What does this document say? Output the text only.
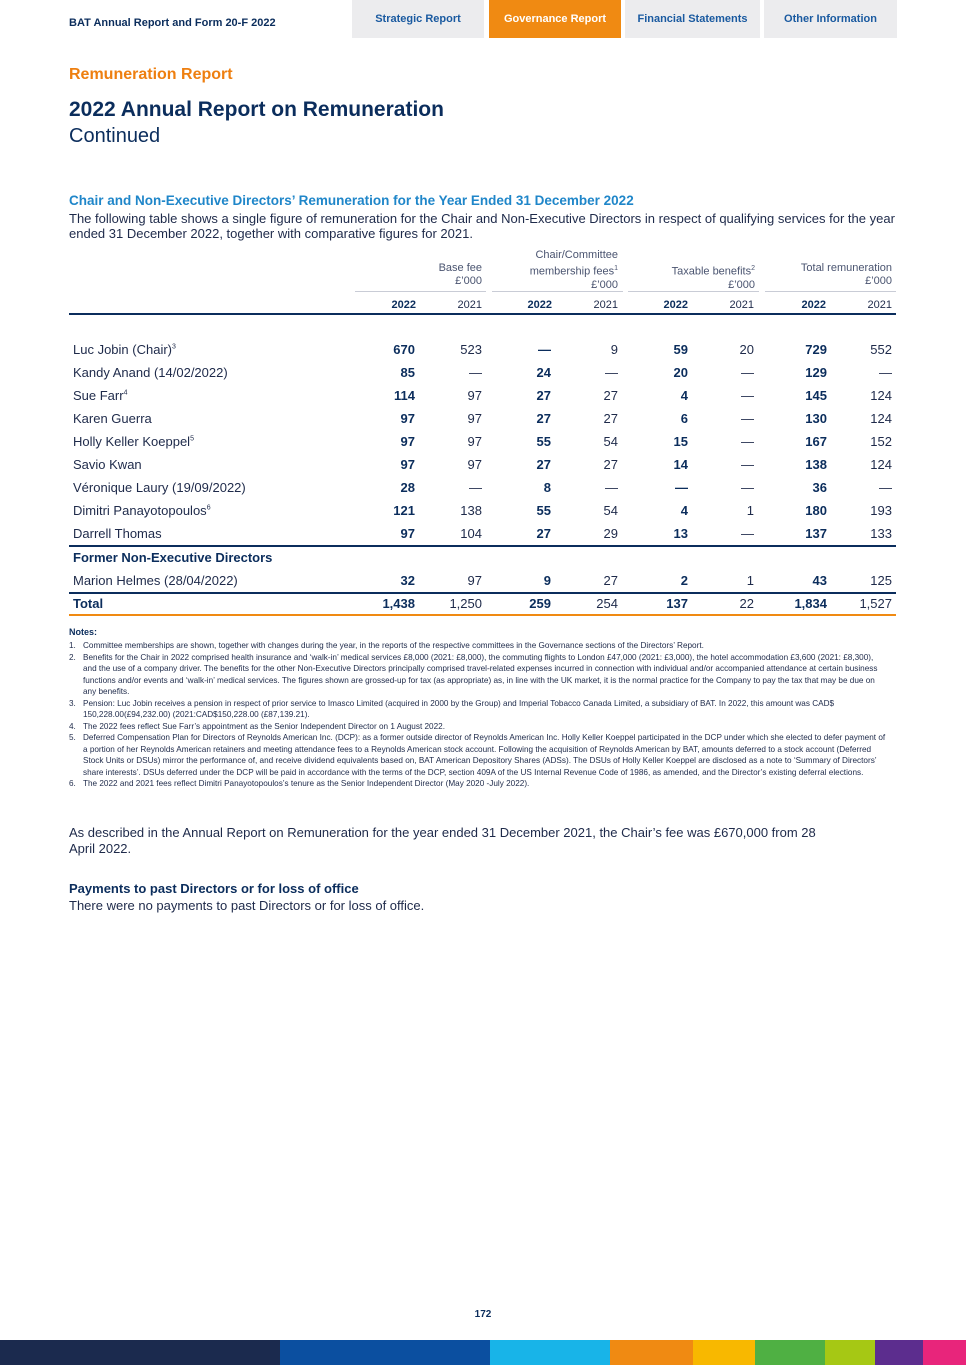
BAT Annual Report and Form 20-F 2022	Strategic Report	Governance Report	Financial Statements	Other Information
Remuneration Report
2022 Annual Report on Remuneration
Continued
Chair and Non-Executive Directors’ Remuneration for the Year Ended 31 December 2022
The following table shows a single figure of remuneration for the Chair and Non-Executive Directors in respect of qualifying services for the year ended 31 December 2022, together with comparative figures for 2021.
Base fee
£’000
Chair/Committee
membership fees$^1$
£’000
Taxable benefits$^2$
£’000
Total remuneration
£’000
2022	2021	2022	2021	2022	2021	2022	2021
Luc Jobin (Chair)$^3$	670	523	—	9	59	20	729	552
Kandy Anand (14/02/2022)	85	—	24	—	20	—	129	—
Sue Farr$^4$	114	97	27	27	4	—	145	124
Karen Guerra	97	97	27	27	6	—	130	124
Holly Keller Koeppel$^5$	97	97	55	54	15	—	167	152
Savio Kwan	97	97	27	27	14	—	138	124
Véronique Laury (19/09/2022)	28	—	8	—	—	—	36	—
Dimitri Panayotopoulos$^6$	121	138	55	54	4	1	180	193
Darrell Thomas	97	104	27	29	13	—	137	133
Former Non-Executive Directors
Marion Helmes (28/04/2022)	32	97	9	27	2	1	43	125
Total	1,438	1,250	259	254	137	22	1,834	1,527
Notes:
1. Committee memberships are shown, together with changes during the year, in the reports of the respective committees in the Governance sections of the Directors’ Report.
2. Benefits for the Chair in 2022 comprised health insurance and ‘walk-in’ medical services £8,000 (2021: £8,000), the commuting flights to London £47,000 (2021: £3,000), the hotel accommodation £3,600 (2021: £8,300), and the use of a company driver. The benefits for the other Non-Executive Directors principally comprised travel-related expenses incurred in connection with individual and/or accompanied attendance at certain business functions and/or events and ‘walk-in’ medical services. The figures shown are grossed-up for tax (as appropriate) as, in line with the UK market, it is the normal practice for the Company to pay the tax that may be due on any benefits.
3. Pension: Luc Jobin receives a pension in respect of prior service to Imasco Limited (acquired in 2000 by the Group) and Imperial Tobacco Canada Limited, a subsidiary of BAT. In 2022, this amount was CAD$ 150,228.00(£94,232.00) (2021:CAD$150,228.00 (£87,139.21).
4. The 2022 fees reflect Sue Farr’s appointment as the Senior Independent Director on 1 August 2022.
5. Deferred Compensation Plan for Directors of Reynolds American Inc. (DCP): as a former outside director of Reynolds American Inc. Holly Keller Koeppel participated in the DCP under which she elected to defer payment of a portion of her Reynolds American retainers and meeting attendance fees to a Reynolds American stock account. Following the acquisition of Reynolds American by BAT, amounts deferred to a stock account (Deferred Stock Units or DSUs) mirror the performance of, and receive dividend equivalents based on, BAT American Depository Shares (ADSs). The DSUs of Holly Keller Koeppel are disclosed as a note to ‘Summary of Directors’ share interests’. DSUs deferred under the DCP will be paid in accordance with the terms of the DCP, section 409A of the US Internal Revenue Code of 1986, as amended, and the Director’s existing deferral elections.
6. The 2022 and 2021 fees reflect Dimitri Panayotopoulos’s tenure as the Senior Independent Director (May 2020 -July 2022).
As described in the Annual Report on Remuneration for the year ended 31 December 2021, the Chair’s fee was £670,000 from 28 April 2022.
Payments to past Directors or for loss of office
There were no payments to past Directors or for loss of office.
172
